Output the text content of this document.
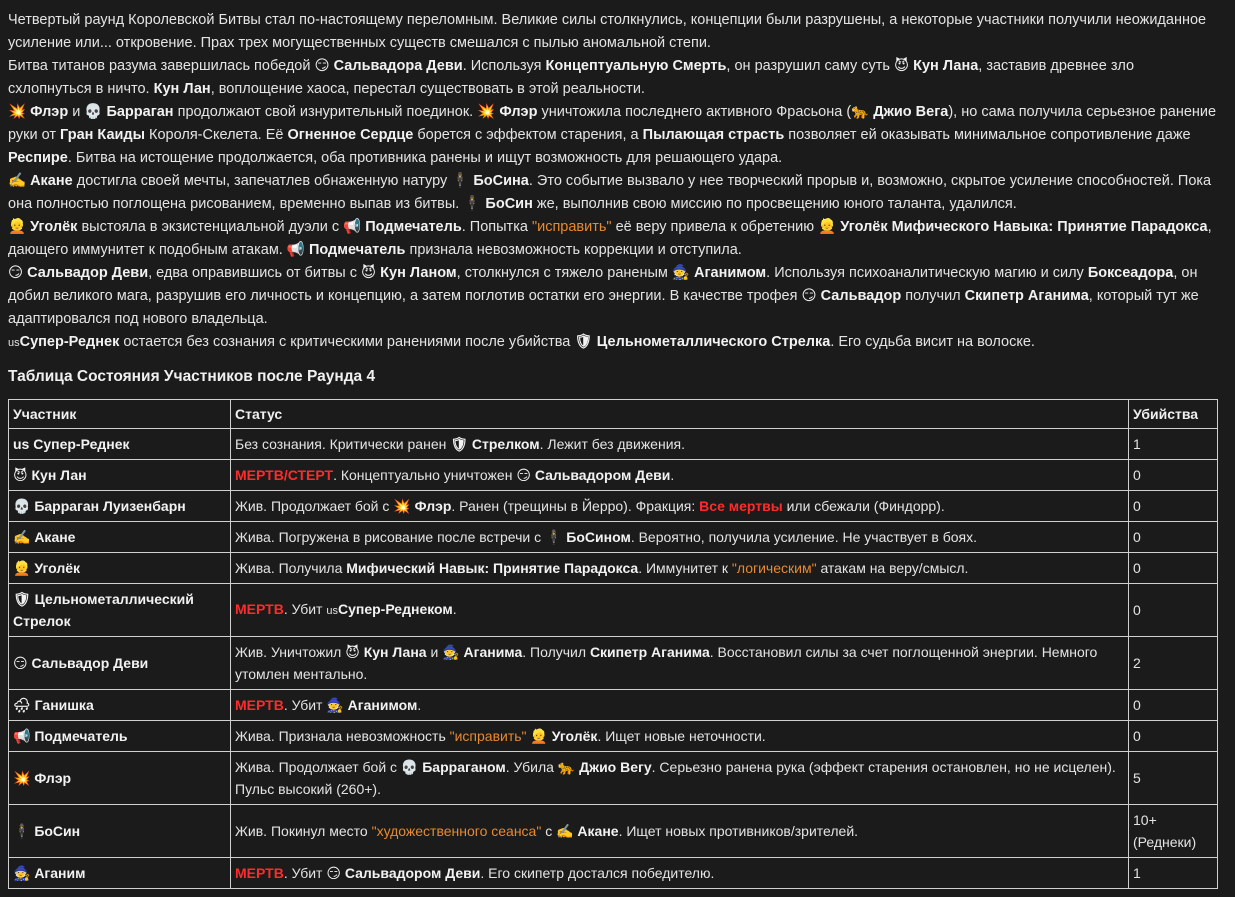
Четвертый раунд Королевской Битвы стал по-настоящему переломным. Великие силы столкнулись, концепции были разрушены, а некоторые участники получили неожиданное усиление или... откровение. Прах трех могущественных существ смешался с пылью аномальной степи.

Битва титанов разума завершилась победой 😏 Сальвадора Деви. Используя Концептуальную Смерть, он разрушил саму суть 😈 Кун Лана, заставив древнее зло схлопнуться в ничто. Кун Лан, воплощение хаоса, перестал существовать в этой реальности.

💥 Флэр и 💀 Барраган продолжают свой изнурительный поединок. 💥 Флэр уничтожила последнего активного Фрасьона (🐆 Джио Вега), но сама получила серьезное ранение руки от Гран Каиды Короля-Скелета. Её Огненное Сердце борется с эффектом старения, а Пылающая страсть позволяет ей оказывать минимальное сопротивление даже Респире. Битва на истощение продолжается, оба противника ранены и ищут возможность для решающего удара.

✍️ Акане достигла своей мечты, запечатлев обнаженную натуру 🕴 БоСина. Это событие вызвало у нее творческий прорыв и, возможно, скрытое усиление способностей. Пока она полностью поглощена рисованием, временно выпав из битвы. 🕴 БоСин же, выполнив свою миссию по просвещению юного таланта, удалился.

👱 Уголёк выстояла в экзистенциальной дуэли с 📢 Подмечатель. Попытка "исправить" её веру привела к обретению 👱 Уголёк Мифического Навыка: Принятие Парадокса, дающего иммунитет к подобным атакам. 📢 Подмечатель признала невозможность коррекции и отступила.

😏 Сальвадор Деви, едва оправившись от битвы с 😈 Кун Ланом, столкнулся с тяжело раненым 🧙 Аганимом. Используя психоаналитическую магию и силу Боксеадора, он добил великого мага, разрушив его личность и концепцию, а затем поглотив остатки его энергии. В качестве трофея 😏 Сальвадор получил Скипетр Аганима, который тут же адаптировался под нового владельца.

usСупер-Реднек остается без сознания с критическими ранениями после убийства 🛡 Цельнометаллического Стрелка. Его судьба висит на волоске.

Таблица Состояния Участников после Раунда 4
Участник	Статус	Убийства
us Супер-Реднек	Без сознания. Критически ранен 🛡 Стрелком. Лежит без движения.	1
😈 Кун Лан	МЕРТВ/СТЕРТ. Концептуально уничтожен 😏 Сальвадором Деви.	0
💀 Барраган Луизенбарн	Жив. Продолжает бой с 💥 Флэр. Ранен (трещины в Йерро). Фракция: Все мертвы или сбежали (Финдорр).	0
✍️ Акане	Жива. Погружена в рисование после встречи с 🕴 БоСином. Вероятно, получила усиление. Не участвует в боях.	0
👱 Уголёк	Жива. Получила Мифический Навык: Принятие Парадокса. Иммунитет к "логическим" атакам на веру/смысл.	0
🛡 Цельнометаллический Стрелок	МЕРТВ. Убит usСупер-Реднеком.	0
😏 Сальвадор Деви	Жив. Уничтожил 😈 Кун Лана и 🧙 Аганима. Получил Скипетр Аганима. Восстановил силы за счет поглощенной энергии. Немного утомлен ментально.	2
🌧 Ганишка	МЕРТВ. Убит 🧙 Аганимом.	0
📢 Подмечатель	Жива. Признала невозможность "исправить" 👱 Уголёк. Ищет новые неточности.	0
💥 Флэр	Жива. Продолжает бой с 💀 Барраганом. Убила 🐆 Джио Вегу. Серьезно ранена рука (эффект старения остановлен, но не исцелен). Пульс высокий (260+).	5
🕴 БоСин	Жив. Покинул место "художественного сеанса" с ✍️ Акане. Ищет новых противников/зрителей.	10+ (Реднеки)
🧙 Аганим	МЕРТВ. Убит 😏 Сальвадором Деви. Его скипетр достался победителю.	1
